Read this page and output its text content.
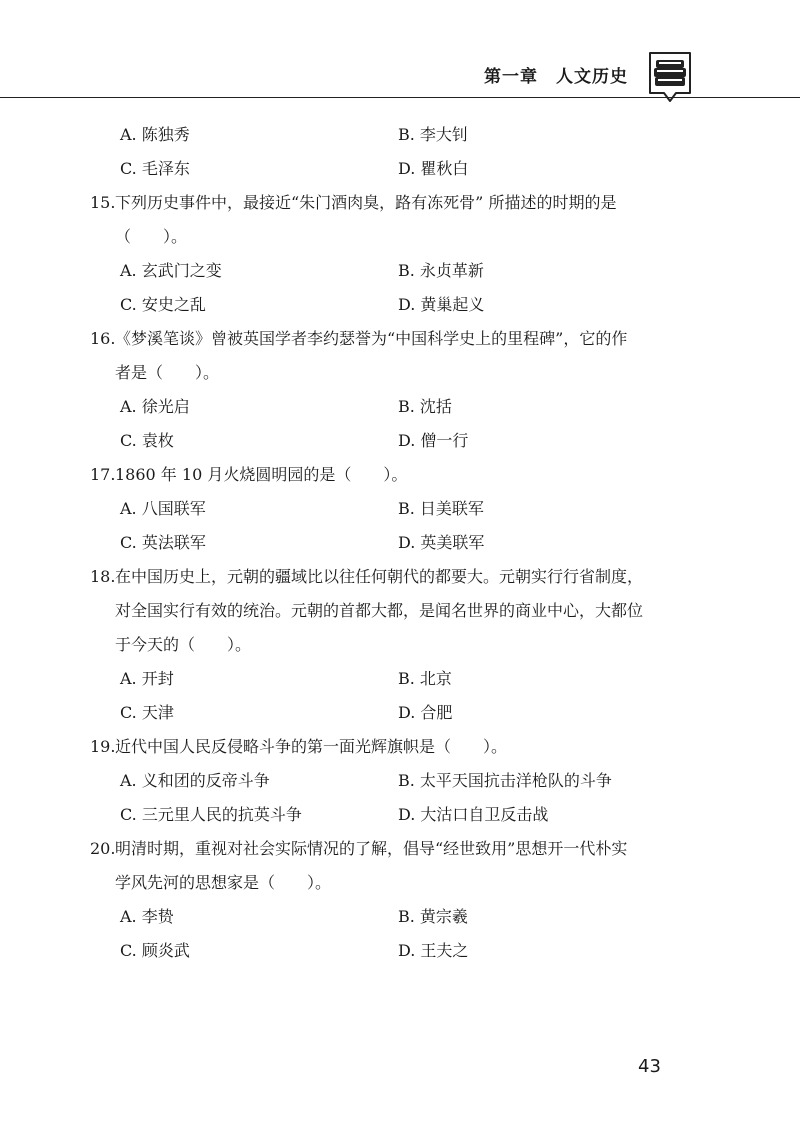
第一章　人文历史
A. 陈独秀	B. 李大钊
C. 毛泽东	D. 瞿秋白
15. 下列历史事件中，最接近“朱门酒肉臭，路有冻死骨” 所描述的时期的是
（　　）。
A. 玄武门之变	B. 永贞革新
C. 安史之乱	D. 黄巢起义
16. 《梦溪笔谈》曾被英国学者李约瑟誉为“中国科学史上的里程碑”，它的作
者是（　　）。
A. 徐光启	B. 沈括
C. 袁枚	D. 僧一行
17. 1860 年 10 月火烧圆明园的是（　　）。
A. 八国联军	B. 日美联军
C. 英法联军	D. 英美联军
18. 在中国历史上，元朝的疆域比以往任何朝代的都要大。元朝实行行省制度，
对全国实行有效的统治。元朝的首都大都，是闻名世界的商业中心，大都位
于今天的（　　）。
A. 开封	B. 北京
C. 天津	D. 合肥
19. 近代中国人民反侵略斗争的第一面光辉旗帜是（　　）。
A. 义和团的反帝斗争	B. 太平天国抗击洋枪队的斗争
C. 三元里人民的抗英斗争	D. 大沽口自卫反击战
20. 明清时期，重视对社会实际情况的了解，倡导“经世致用”思想开一代朴实
学风先河的思想家是（　　）。
A. 李贽	B. 黄宗羲
C. 顾炎武	D. 王夫之
43
